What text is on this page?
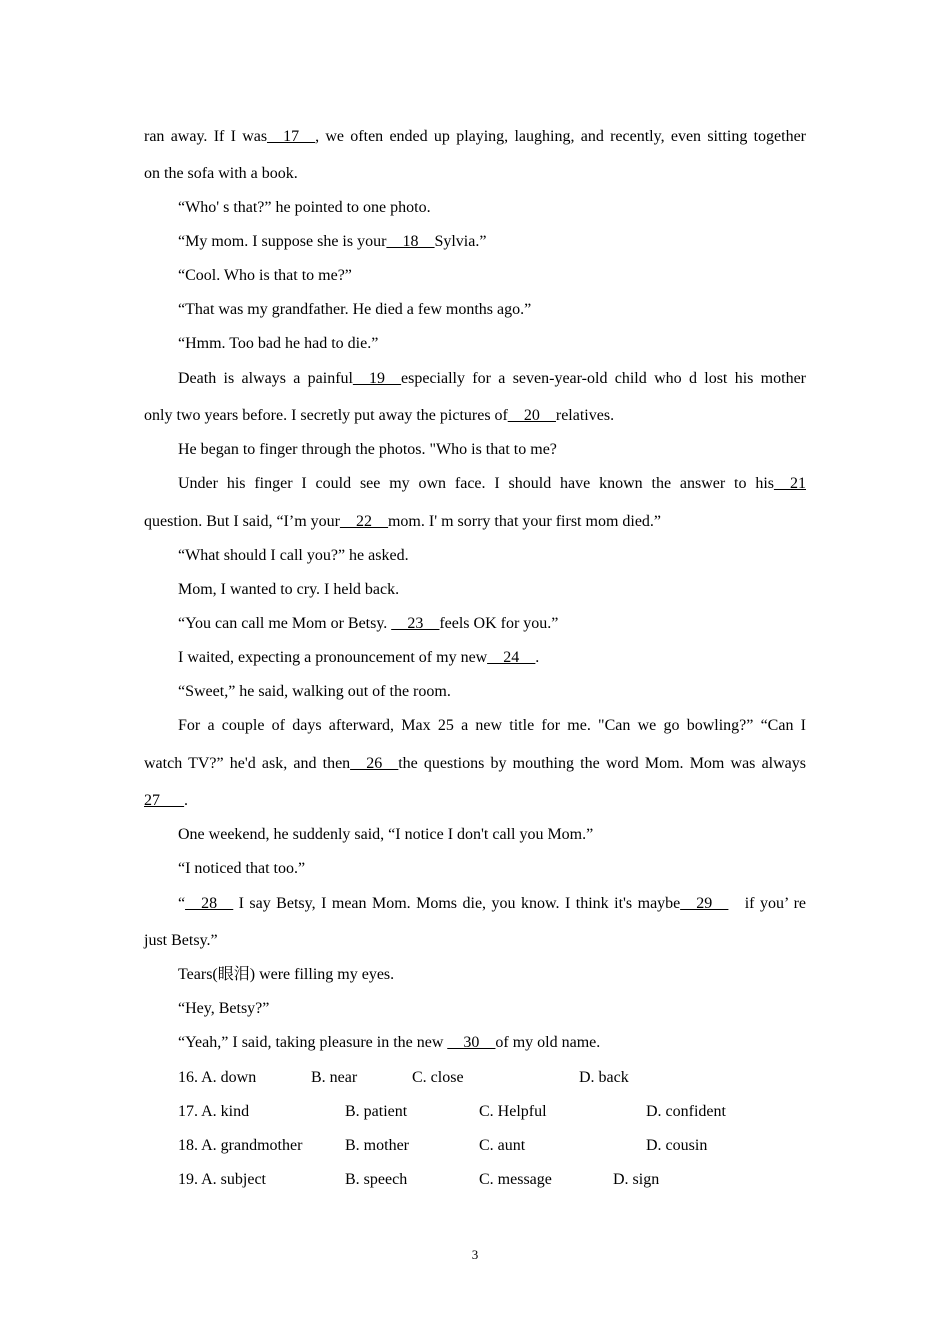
ran away. If I was__17__, we often ended up playing, laughing, and recently, even sitting together
on the sofa with a book.
“Who' s that?” he pointed to one photo.
“My mom. I suppose she is your__18__Sylvia.”
“Cool. Who is that to me?”
“That was my grandfather. He died a few months ago.”
“Hmm. Too bad he had to die.”
Death is always a painful__19__especially for a seven-year-old child who d lost his mother
only two years before. I secretly put away the pictures of__20__relatives.
He began to finger through the photos. "Who is that to me?
Under his finger I could see my own face. I should have known the answer to his__21
question. But I said, “I’m your__22__mom. I' m sorry that your first mom died.”
“What should I call you?” he asked.
Mom, I wanted to cry. I held back.
“You can call me Mom or Betsy. __23__feels OK for you.”
I waited, expecting a pronouncement of my new__24__.
“Sweet,” he said, walking out of the room.
For a couple of days afterward, Max 25 a new title for me. "Can we go bowling?” “Can I
watch TV?” he'd ask, and then__26__the questions by mouthing the word Mom. Mom was always
27___.
One weekend, he suddenly said, “I notice I don't call you Mom.”
“I noticed that too.”
“__28__ I say Betsy, I mean Mom. Moms die, you know. I think it's maybe__29__   if you’ re
just Betsy.”
Tears(眼泪) were filling my eyes.
“Hey, Betsy?”
“Yeah,” I said, taking pleasure in the new __30__of my old name.
16. A. down	B. near	C. close	D. back
17. A. kind	B. patient	C. Helpful	D. confident
18. A. grandmother	B. mother	C. aunt	D. cousin
19. A. subject	B. speech	C. message	D. sign
3
